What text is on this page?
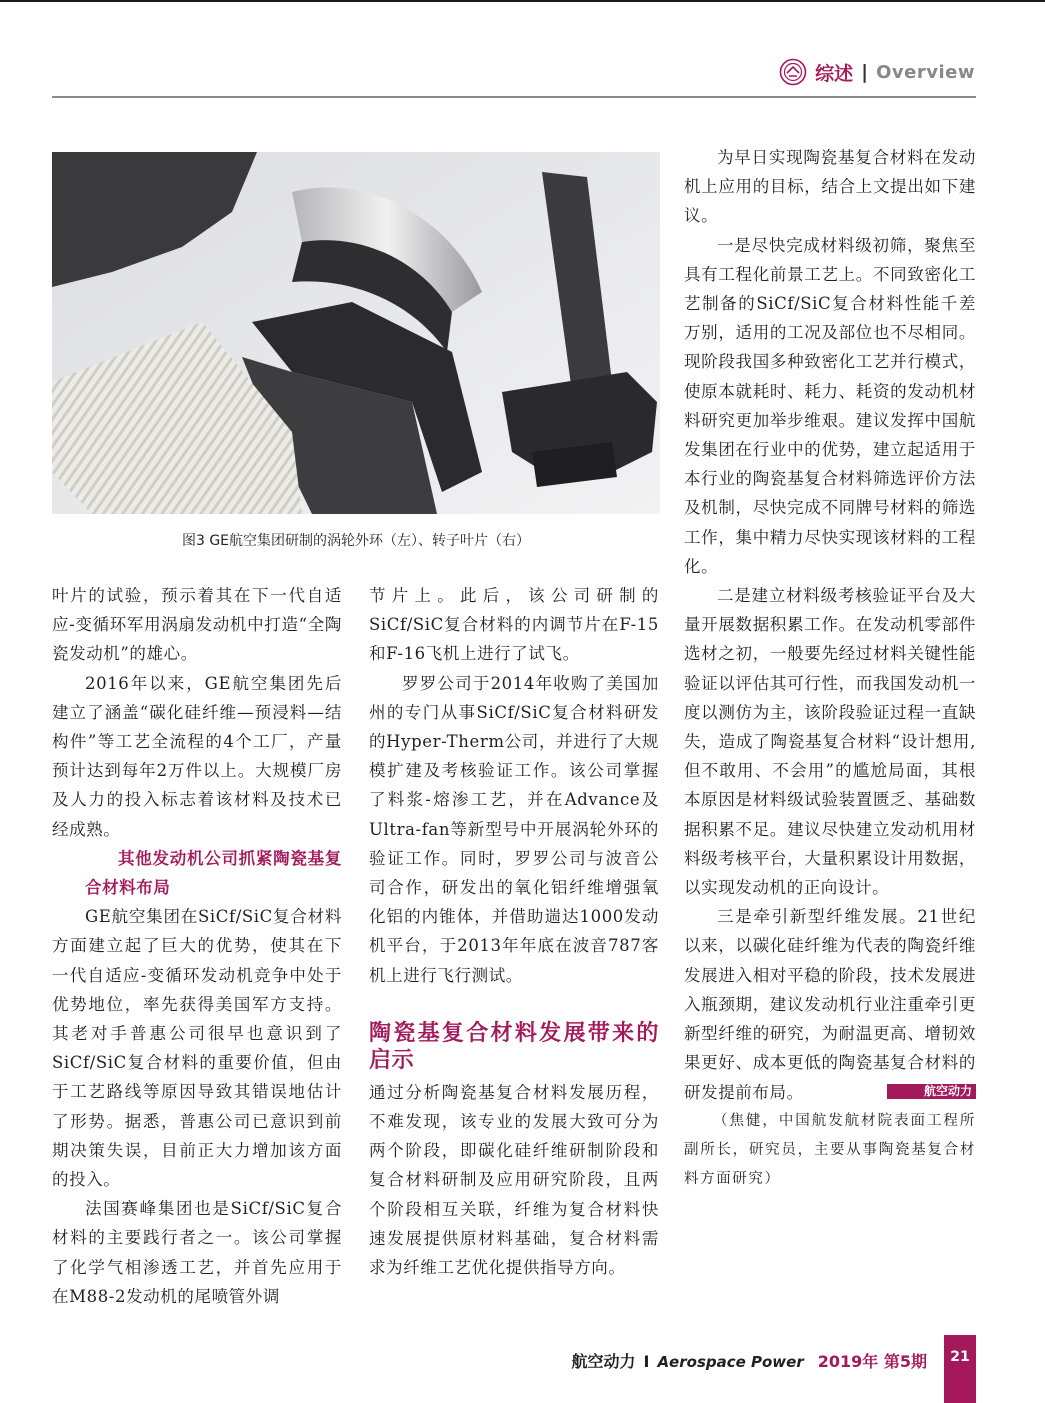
综述 | Overview
图3 GE航空集团研制的涡轮外环（左）、转子叶片（右）

叶片的试验，预示着其在下一代自适应-变循环军用涡扇发动机中打造“全陶瓷发动机”的雄心。

2016年以来，GE航空集团先后建立了涵盖“碳化硅纤维—预浸料—结构件”等工艺全流程的4个工厂，产量预计达到每年2万件以上。大规模厂房及人力的投入标志着该材料及技术已经成熟。

其他发动机公司抓紧陶瓷基复合材料布局

GE航空集团在SiCf/SiC复合材料方面建立起了巨大的优势，使其在下一代自适应-变循环发动机竞争中处于优势地位，率先获得美国军方支持。其老对手普惠公司很早也意识到了SiCf/SiC复合材料的重要价值，但由于工艺路线等原因导致其错误地估计了形势。据悉，普惠公司已意识到前期决策失误，目前正大力增加该方面的投入。

法国赛峰集团也是SiCf/SiC复合材料的主要践行者之一。该公司掌握了化学气相渗透工艺，并首先应用于在M88-2发动机的尾喷管外调

节片上。此后，该公司研制的SiCf/SiC复合材料的内调节片在F-15和F-16飞机上进行了试飞。

罗罗公司于2014年收购了美国加州的专门从事SiCf/SiC复合材料研发的Hyper-Therm公司，并进行了大规模扩建及考核验证工作。该公司掌握了料浆-熔渗工艺，并在Advance及Ultra-fan等新型号中开展涡轮外环的验证工作。同时，罗罗公司与波音公司合作，研发出的氧化铝纤维增强氧化铝的内锥体，并借助遄达1000发动机平台，于2013年年底在波音787客机上进行飞行测试。

陶瓷基复合材料发展带来的启示

通过分析陶瓷基复合材料发展历程，不难发现，该专业的发展大致可分为两个阶段，即碳化硅纤维研制阶段和复合材料研制及应用研究阶段，且两个阶段相互关联，纤维为复合材料快速发展提供原材料基础，复合材料需求为纤维工艺优化提供指导方向。

为早日实现陶瓷基复合材料在发动机上应用的目标，结合上文提出如下建议。

一是尽快完成材料级初筛，聚焦至具有工程化前景工艺上。不同致密化工艺制备的SiCf/SiC复合材料性能千差万别，适用的工况及部位也不尽相同。现阶段我国多种致密化工艺并行模式，使原本就耗时、耗力、耗资的发动机材料研究更加举步维艰。建议发挥中国航发集团在行业中的优势，建立起适用于本行业的陶瓷基复合材料筛选评价方法及机制，尽快完成不同牌号材料的筛选工作，集中精力尽快实现该材料的工程化。

二是建立材料级考核验证平台及大量开展数据积累工作。在发动机零部件选材之初，一般要先经过材料关键性能验证以评估其可行性，而我国发动机一度以测仿为主，该阶段验证过程一直缺失，造成了陶瓷基复合材料“设计想用,但不敢用、不会用”的尴尬局面，其根本原因是材料级试验装置匮乏、基础数据积累不足。建议尽快建立发动机用材料级考核平台，大量积累设计用数据，以实现发动机的正向设计。

三是牵引新型纤维发展。21世纪以来，以碳化硅纤维为代表的陶瓷纤维发展进入相对平稳的阶段，技术发展进入瓶颈期，建议发动机行业注重牵引更新型纤维的研究，为耐温更高、增韧效果更好、成本更低的陶瓷基复合材料的研发提前布局。	航空动力

（焦健，中国航发航材院表面工程所副所长，研究员，主要从事陶瓷基复合材料方面研究）

航空动力 I Aerospace Power 2019年 第5期	21
